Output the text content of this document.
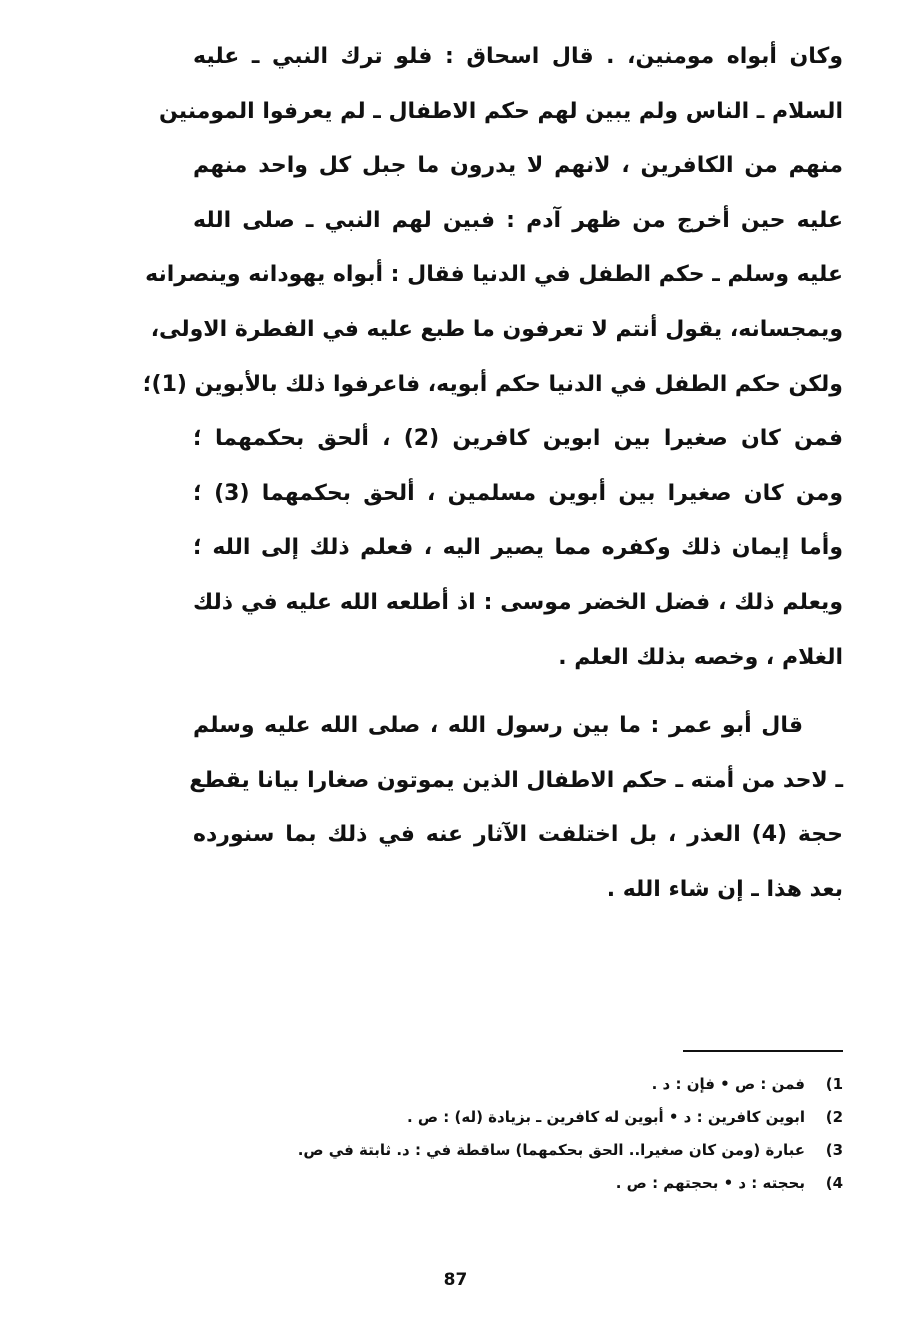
وكان أبواه مومنين، . قال اسحاق : فلو ترك النبي ـ عليه
السلام ـ الناس ولم يبين لهم حكم الاطفال ـ لم يعرفوا المومنين
منهم من الكافرين ، لانهم لا يدرون ما جبل كل واحد منهم
عليه حين أخرج من ظهر آدم : فبين لهم النبي ـ صلى الله
عليه وسلم ـ حكم الطفل في الدنيا فقال : أبواه يهودانه وينصرانه
ويمجسانه، يقول أنتم لا تعرفون ما طبع عليه في الفطرة الاولى،
ولكن حكم الطفل في الدنيا حكم أبويه، فاعرفوا ذلك بالأبوين (1)؛
فمن كان صغيرا بين ابوين كافرين (2) ، ألحق بحكمهما ؛
ومن كان صغيرا بين أبوين مسلمين ، ألحق بحكمهما (3) ؛
وأما إيمان ذلك وكفره مما يصير اليه ، فعلم ذلك إلى الله ؛
ويعلم ذلك ، فضل الخضر موسى : اذ أطلعه الله عليه في ذلك
الغلام ، وخصه بذلك العلم .
قال أبو عمر : ما بين رسول الله ، صلى الله عليه وسلم
ـ لاحد من أمته ـ حكم الاطفال الذين يموتون صغارا بيانا يقطع
حجة (4) العذر ، بل اختلفت الآثار عنه في ذلك بما سنورده
بعد هذا ـ إن شاء الله .
1)فمن : ص • فإن : د .
2)ابوين كافرين : د • أبوين له كافرين ـ بزيادة (له) : ص .
3)عبارة (ومن كان صغيرا.. الحق بحكمهما) ساقطة في : د. ثابتة في ص.
4)بحجته : د • بحجتهم : ص .
87
